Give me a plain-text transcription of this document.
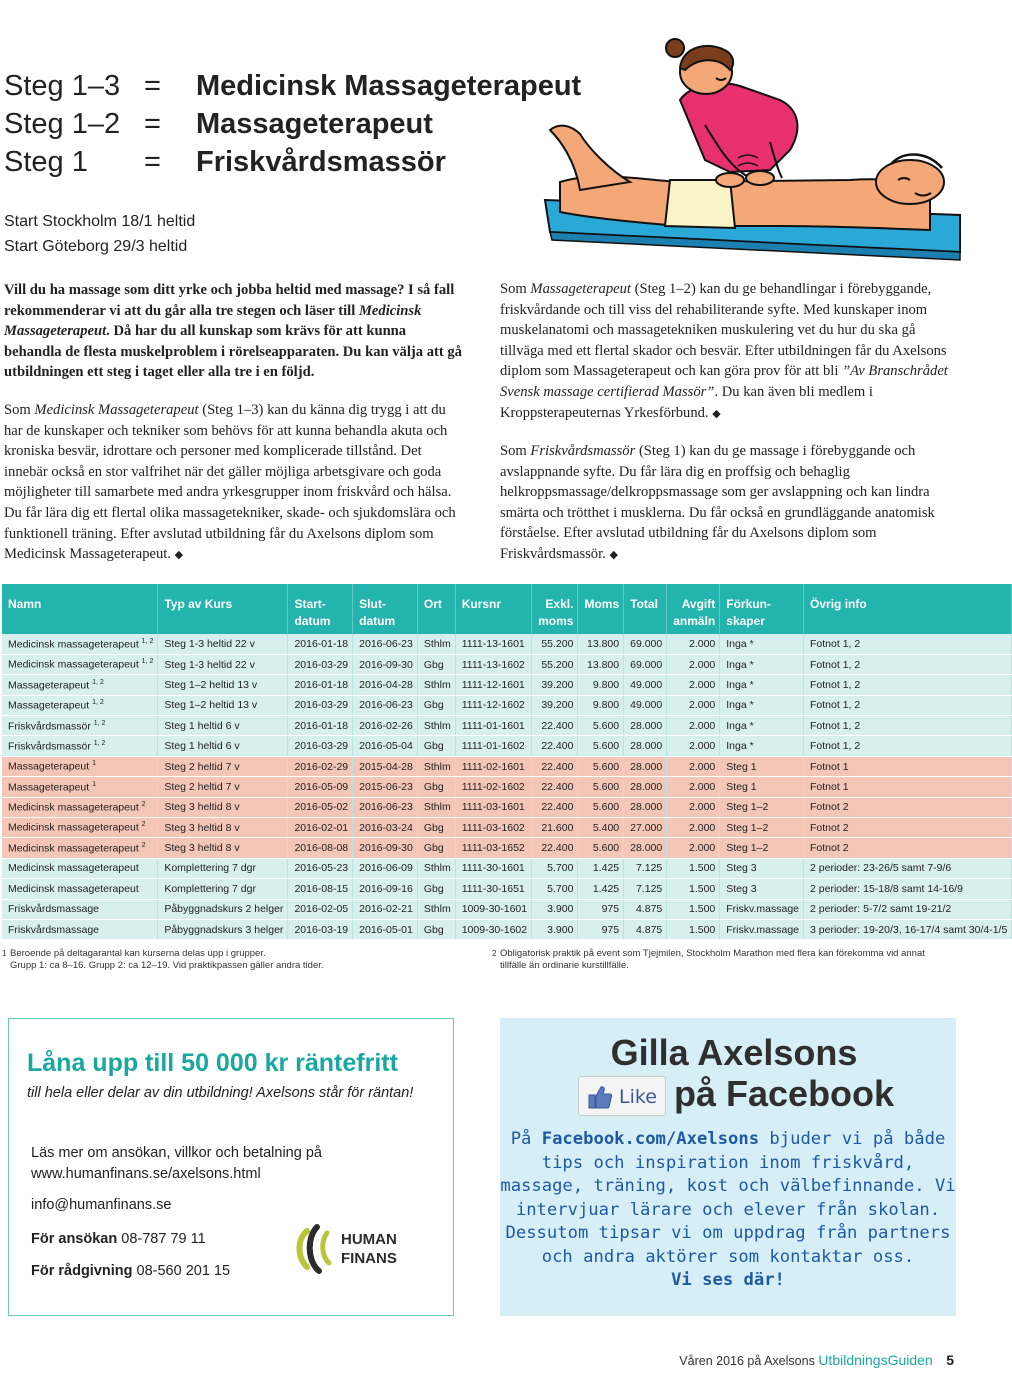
Steg 1–3 =	Medicinsk Massageterapeut
Steg 1–2 =	Massageterapeut
Steg 1	=	Friskvårdsmassör
Start Stockholm 18/1 heltid
Start Göteborg 29/3 heltid
Vill du ha massage som ditt yrke och jobba heltid med massage? I så fall rekommenderar vi att du går alla tre stegen och läser till Medicinsk Massageterapeut. Då har du all kunskap som krävs för att kunna behandla de flesta muskelproblem i rörelseapparaten. Du kan välja att gå utbildningen ett steg i taget eller alla tre i en följd.
Som Medicinsk Massageterapeut (Steg 1–3) kan du känna dig trygg i att du har de kunskaper och tekniker som behövs för att kunna behandla akuta och kroniska besvär, idrottare och personer med komplicerade tillstånd. Det innebär också en stor valfrihet när det gäller möjliga arbetsgivare och goda möjligheter till samarbete med andra yrkesgrupper inom friskvård och hälsa. Du får lära dig ett flertal olika massagetekniker, skade- och sjukdomslära och funktionell träning. Efter avslutad utbildning får du Axelsons diplom som Medicinsk Massageterapeut. ◆
Som Massageterapeut (Steg 1–2) kan du ge behandlingar i förebyggande, friskvårdande och till viss del rehabiliterande syfte. Med kunskaper inom muskelanatomi och massagetekniken muskulering vet du hur du ska gå tillväga med ett flertal skador och besvär. Efter utbildningen får du Axelsons diplom som Massageterapeut och kan göra prov för att bli ”Av Branschrådet Svensk massage certifierad Massör”. Du kan även bli medlem i Kroppsterapeuternas Yrkesförbund. ◆
Som Friskvårdsmassör (Steg 1) kan du ge massage i förebyggande och avslappnande syfte. Du får lära dig en proffsig och behaglig helkroppsmassage/delkroppsmassage som ger avslappning och kan lindra smärta och trötthet i musklerna. Du får också en grundläggande anatomisk förståelse. Efter avslutad utbildning får du Axelsons diplom som Friskvårdsmassör. ◆
Namn	Typ av Kurs	Start-
datum	Slut-
datum	Ort	Kursnr	Exkl.
moms	Moms	Total	Avgift
anmäln	Förkun-
skaper	Övrig info
Medicinsk massageterapeut $^{1, 2}$	Steg 1-3 heltid 22 v	2016-01-18	2016-06-23	Sthlm	1111-13-1601	55.200	13.800	69.000	2.000	Inga *	Fotnot 1, 2
Medicinsk massageterapeut $^{1, 2}$	Steg 1-3 heltid 22 v	2016-03-29	2016-09-30	Gbg	1111-13-1602	55.200	13.800	69.000	2.000	Inga *	Fotnot 1, 2
Massageterapeut $^{1, 2}$	Steg 1–2 heltid 13 v	2016-01-18	2016-04-28	Sthlm	1111-12-1601	39.200	9.800	49.000	2.000	Inga *	Fotnot 1, 2
Massageterapeut $^{1, 2}$	Steg 1–2 heltid 13 v	2016-03-29	2016-06-23	Gbg	1111-12-1602	39.200	9.800	49.000	2.000	Inga *	Fotnot 1, 2
Friskvårdsmassör $^{1, 2}$	Steg 1 heltid 6 v	2016-01-18	2016-02-26	Sthlm	1111-01-1601	22.400	5.600	28.000	2.000	Inga *	Fotnot 1, 2
Friskvårdsmassör $^{1, 2}$	Steg 1 heltid 6 v	2016-03-29	2016-05-04	Gbg	1111-01-1602	22.400	5.600	28.000	2.000	Inga *	Fotnot 1, 2
Massageterapeut $^1$	Steg 2 heltid 7 v	2016-02-29	2015-04-28	Sthlm	1111-02-1601	22.400	5.600	28.000	2.000	Steg 1	Fotnot 1
Massageterapeut $^1$	Steg 2 heltid 7 v	2016-05-09	2015-06-23	Gbg	1111-02-1602	22.400	5.600	28.000	2.000	Steg 1	Fotnot 1
Medicinsk massageterapeut $^2$	Steg 3 heltid 8 v	2016-05-02	2016-06-23	Sthlm	1111-03-1601	22.400	5.600	28.000	2.000	Steg 1–2	Fotnot 2
Medicinsk massageterapeut $^2$	Steg 3 heltid 8 v	2016-02-01	2016-03-24	Gbg	1111-03-1602	21.600	5.400	27.000	2.000	Steg 1–2	Fotnot 2
Medicinsk massageterapeut $^2$	Steg 3 heltid 8 v	2016-08-08	2016-09-30	Gbg	1111-03-1652	22.400	5.600	28.000	2.000	Steg 1–2	Fotnot 2
Medicinsk massageterapeut	Komplettering 7 dgr	2016-05-23	2016-06-09	Sthlm	1111-30-1601	5.700	1.425	7.125	1.500	Steg 3	2 perioder: 23-26/5 samt 7-9/6
Medicinsk massageterapeut	Komplettering 7 dgr	2016-08-15	2016-09-16	Gbg	1111-30-1651	5.700	1.425	7.125	1.500	Steg 3	2 perioder: 15-18/8 samt 14-16/9
Friskvårdsmassage	Påbyggnadskurs 2 helger	2016-02-05	2016-02-21	Sthlm	1009-30-1601	3.900	975	4.875	1.500	Friskv.massage	2 perioder: 5-7/2 samt 19-21/2
Friskvårdsmassage	Påbyggnadskurs 3 helger	2016-03-19	2016-05-01	Gbg	1009-30-1602	3.900	975	4.875	1.500	Friskv.massage	3 perioder: 19-20/3, 16-17/4 samt 30/4-1/5
1 Beroende på deltagarantal kan kurserna delas upp i grupper.
Grupp 1: ca 8–16. Grupp 2: ca 12–19. Vid praktikpassen gäller andra tider.
2 Obligatorisk praktik på event som Tjejmilen, Stockholm Marathon med flera kan förekomma vid annat tillfälle än ordinarie kurstillfälle.
Låna upp till 50 000 kr räntefritt
till hela eller delar av din utbildning! Axelsons står för räntan!
Läs mer om ansökan, villkor och betalning på www.humanfinans.se/axelsons.html
info@humanfinans.se
För ansökan 08-787 79 11
För rådgivning 08-560 201 15
HUMAN
FINANS
Gilla Axelsons
Like på Facebook
På Facebook.com/Axelsons bjuder vi på både tips och inspiration inom friskvård, massage, träning, kost och välbefinnande. Vi intervjuar lärare och elever från skolan. Dessutom tipsar vi om uppdrag från partners och andra aktörer som kontaktar oss.
Vi ses där!
Våren 2016 på Axelsons UtbildningsGuiden 5
